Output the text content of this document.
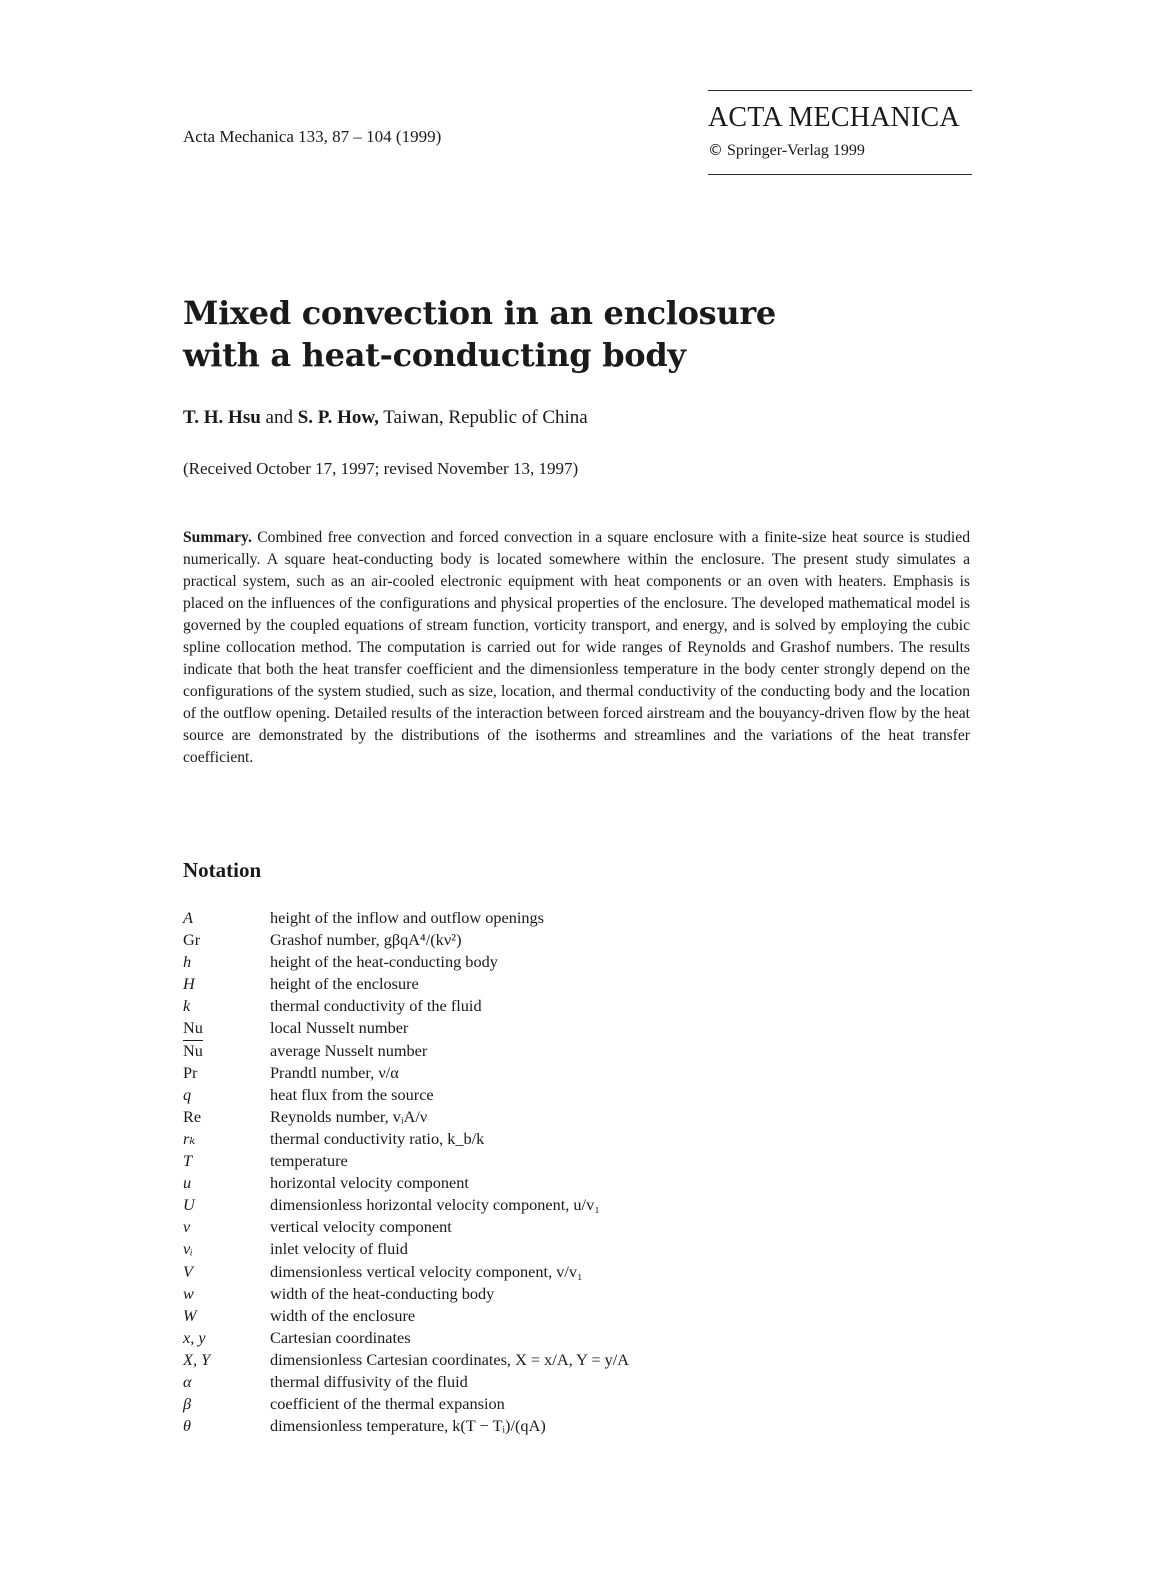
Acta Mechanica 133, 87 – 104 (1999)
ACTA MECHANICA
© Springer-Verlag 1999
Mixed convection in an enclosure
with a heat-conducting body
T. H. Hsu and S. P. How, Taiwan, Republic of China
(Received October 17, 1997; revised November 13, 1997)
Summary. Combined free convection and forced convection in a square enclosure with a finite-size heat source is studied numerically. A square heat-conducting body is located somewhere within the enclosure. The present study simulates a practical system, such as an air-cooled electronic equipment with heat components or an oven with heaters. Emphasis is placed on the influences of the configurations and physical properties of the enclosure. The developed mathematical model is governed by the coupled equations of stream function, vorticity transport, and energy, and is solved by employing the cubic spline collocation method. The computation is carried out for wide ranges of Reynolds and Grashof numbers. The results indicate that both the heat transfer coefficient and the dimensionless temperature in the body center strongly depend on the configurations of the system studied, such as size, location, and thermal conductivity of the conducting body and the location of the outflow opening. Detailed results of the interaction between forced airstream and the bouyancy-driven flow by the heat source are demonstrated by the distributions of the isotherms and streamlines and the variations of the heat transfer coefficient.
Notation
A	height of the inflow and outflow openings
Gr	Grashof number, gβqA⁴/(kν²)
h	height of the heat-conducting body
H	height of the enclosure
k	thermal conductivity of the fluid
Nu	local Nusselt number
$\overline{Nu}$	average Nusselt number
Pr	Prandtl number, ν/α
q	heat flux from the source
Re	Reynolds number, vᵢA/ν
rₖ	thermal conductivity ratio, k_b/k
T	temperature
u	horizontal velocity component
U	dimensionless horizontal velocity component, u/v₁
v	vertical velocity component
vᵢ	inlet velocity of fluid
V	dimensionless vertical velocity component, v/v₁
w	width of the heat-conducting body
W	width of the enclosure
x, y	Cartesian coordinates
X, Y	dimensionless Cartesian coordinates, X = x/A, Y = y/A
α	thermal diffusivity of the fluid
β	coefficient of the thermal expansion
θ	dimensionless temperature, k(T − Tᵢ)/(qA)
